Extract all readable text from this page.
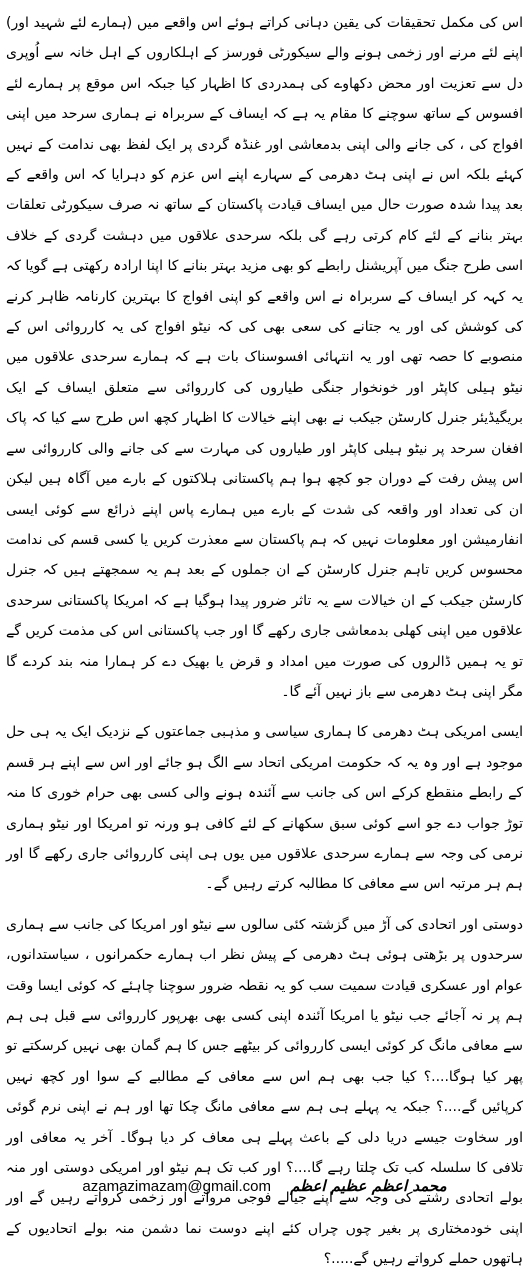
اس کی مکمل تحقیقات کی یقین دہانی کراتے ہوئے اس واقعے میں (ہمارے لئے شہید اور) اپنے لئے مرنے اور زخمی ہونے والے سیکورٹی فورسز کے اہلکاروں کے اہل خانہ سے اُوپری دل سے تعزیت اور محض دکھاوے کی ہمدردی کا اظہار کیا جبکہ اس موقع پر ہمارے لئے افسوس کے ساتھ سوچنے کا مقام یہ ہے کہ ایساف کے سربراہ نے ہماری سرحد میں اپنی افواج کی ، کی جانے والی اپنی بدمعاشی اور غنڈہ گردی پر ایک لفظ بھی ندامت کے نہیں کہئے بلکہ اس نے اپنی ہٹ دھرمی کے سہارے اپنے اس عزم کو دہرایا کہ اس واقعے کے بعد پیدا شدہ صورت حال میں ایساف قیادت پاکستان کے ساتھ نہ صرف سیکورٹی تعلقات بہتر بنانے کے لئے کام کرتی رہے گی بلکہ سرحدی علاقوں میں دہشت گردی کے خلاف اسی طرح جنگ میں آپریشنل رابطے کو بھی مزید بہتر بنانے کا اپنا ارادہ رکھتی ہے گویا کہ یہ کہہ کر ایساف کے سربراہ نے اس واقعے کو اپنی افواج کا بہترین کارنامہ ظاہر کرنے کی کوشش کی اور یہ جتانے کی سعی بھی کی کہ نیٹو افواج کی یہ کارروائی اس کے منصوبے کا حصہ تھی اور یہ انتہائی افسوسناک بات ہے کہ ہمارے سرحدی علاقوں میں نیٹو ہیلی کاپٹر اور خونخوار جنگی طیاروں کی کارروائی سے متعلق ایساف کے ایک بریگیڈیئر جنرل کارسٹن جیکب نے بھی اپنے خیالات کا اظہار کچھ اس طرح سے کیا کہ پاک افغان سرحد پر نیٹو ہیلی کاپٹر اور طیاروں کی مہارت سے کی جانے والی کارروائی سے اس پیش رفت کے دوران جو کچھ ہوا ہم پاکستانی ہلاکتوں کے بارے میں آگاہ ہیں لیکن ان کی تعداد اور واقعہ کی شدت کے بارے میں ہمارے پاس اپنے ذرائع سے کوئی ایسی انفارمیشن اور معلومات نہیں کہ ہم پاکستان سے معذرت کریں یا کسی قسم کی ندامت محسوس کریں تاہم جنرل کارسٹن کے ان جملوں کے بعد ہم یہ سمجھتے ہیں کہ جنرل کارسٹن جیکب کے ان خیالات سے یہ تاثر ضرور پیدا ہوگیا ہے کہ امریکا پاکستانی سرحدی علاقوں میں اپنی کھلی بدمعاشی جاری رکھے گا اور جب پاکستانی اس کی مذمت کریں گے تو یہ ہمیں ڈالروں کی صورت میں امداد و قرض یا بھیک دے کر ہمارا منہ بند کردے گا مگر اپنی ہٹ دھرمی سے باز نہیں آئے گا۔

ایسی امریکی ہٹ دھرمی کا ہماری سیاسی و مذہبی جماعتوں کے نزدیک ایک یہ ہی حل موجود ہے اور وہ یہ کہ حکومت امریکی اتحاد سے الگ ہو جائے اور اس سے اپنے ہر قسم کے رابطے منقطع کرکے اس کی جانب سے آئندہ ہونے والی کسی بھی حرام خوری کا منہ توڑ جواب دے جو اسے کوئی سبق سکھانے کے لئے کافی ہو ورنہ تو امریکا اور نیٹو ہماری نرمی کی وجہ سے ہمارے سرحدی علاقوں میں یوں ہی اپنی کارروائی جاری رکھے گا اور ہم ہر مرتبہ اس سے معافی کا مطالبہ کرتے رہیں گے۔

دوستی اور اتحادی کی آڑ میں گزشتہ کئی سالوں سے نیٹو اور امریکا کی جانب سے ہماری سرحدوں پر بڑھتی ہوئی ہٹ دھرمی کے پیش نظر اب ہمارے حکمرانوں ، سیاستدانوں، عوام اور عسکری قیادت سمیت سب کو یہ نقطہ ضرور سوچنا چاہئے کہ کوئی ایسا وقت ہم پر نہ آجائے جب نیٹو یا امریکا آئندہ اپنی کسی بھی بھرپور کارروائی سے قبل ہی ہم سے معافی مانگ کر کوئی ایسی کارروائی کر بیٹھے جس کا ہم گمان بھی نہیں کرسکتے تو پھر کیا ہوگا....؟ کیا جب بھی ہم اس سے معافی کے مطالبے کے سوا اور کچھ نہیں کرپائیں گے....؟ جبکہ یہ پہلے ہی ہم سے معافی مانگ چکا تھا اور ہم نے اپنی نرم گوئی اور سخاوت جیسے دریا دلی کے باعث پہلے ہی معاف کر دیا ہوگا۔ آخر یہ معافی اور تلافی کا سلسلہ کب تک چلتا رہے گا....؟ اور کب تک ہم نیٹو اور امریکی دوستی اور منہ بولے اتحادی رشتے کی وجہ سے اپنے جیالے فوجی مرواتے اور زخمی کرواتے رہیں گے اور اپنی خودمختاری پر بغیر چوں چراں کئے اپنے دوست نما دشمن منہ بولے اتحادیوں کے ہاتھوں حملے کرواتے رہیں گے.....؟

azamazimazam@gmail.com محمد اعظم عظیم اعظم
